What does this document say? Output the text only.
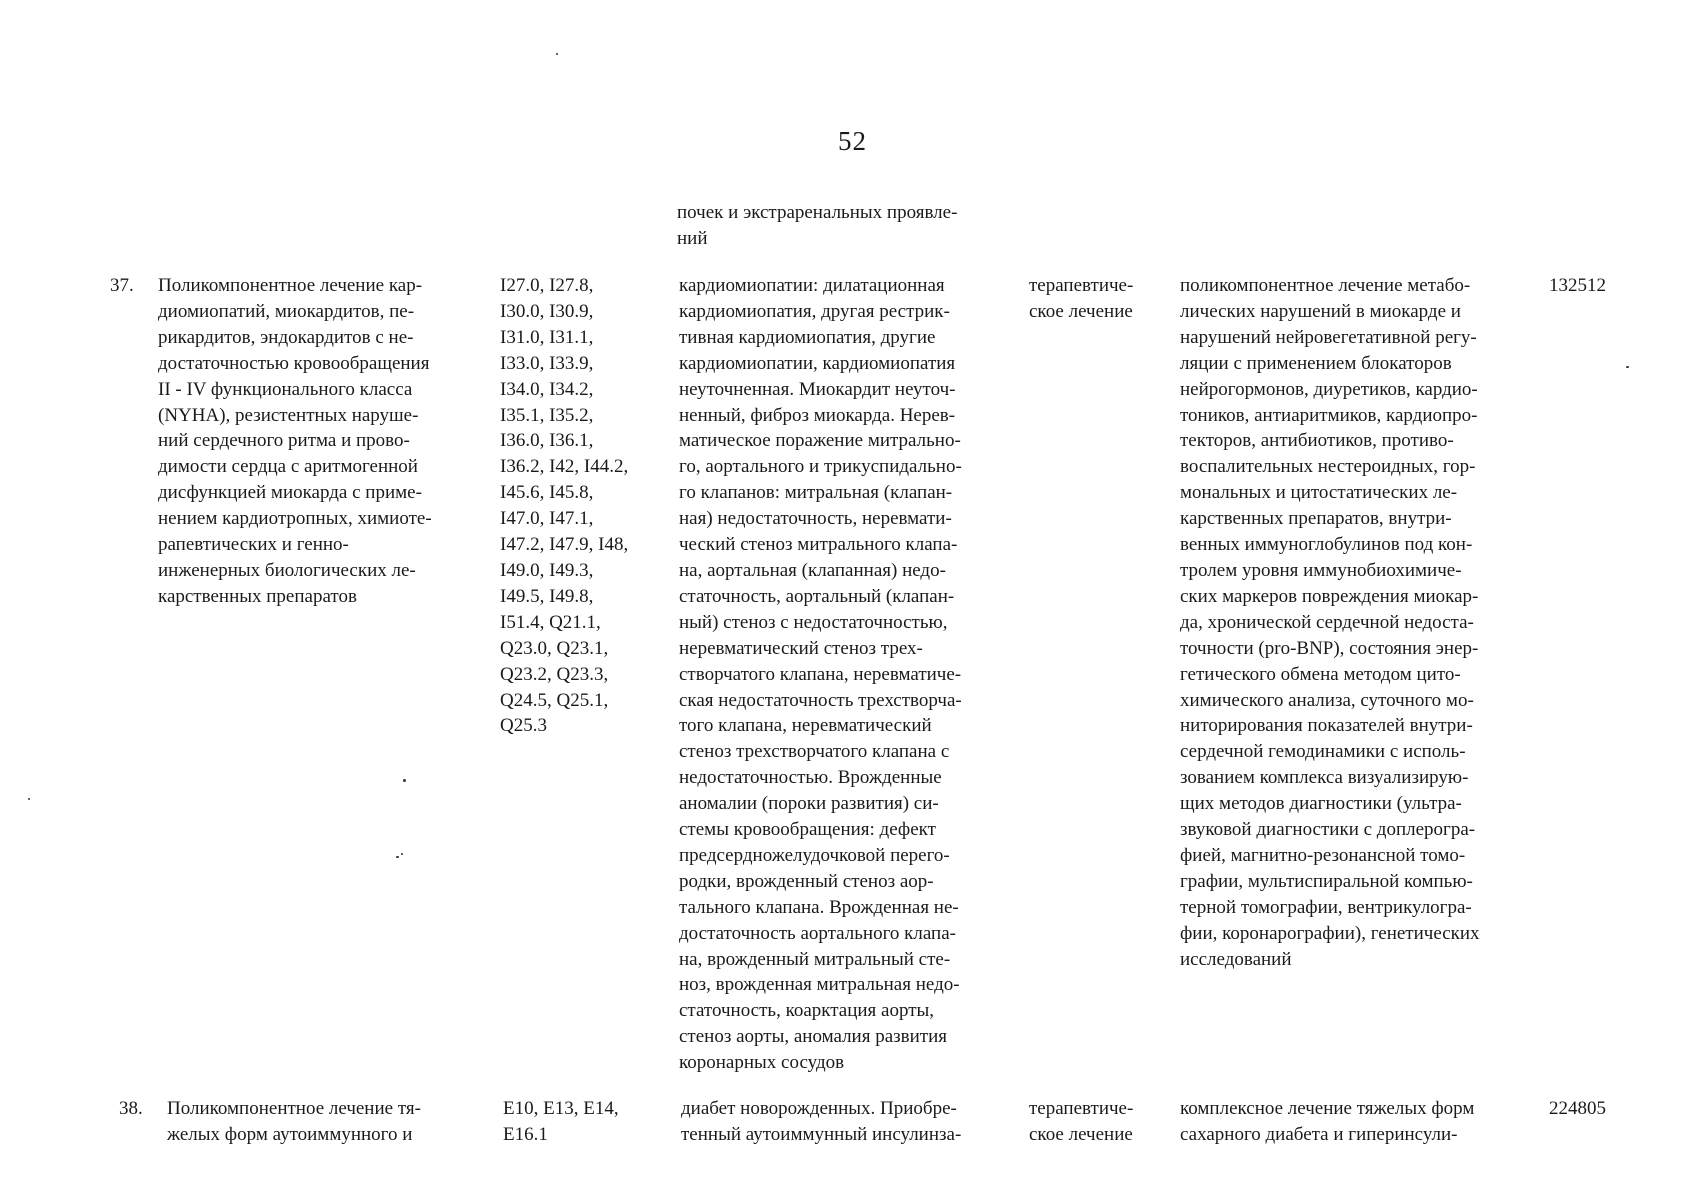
52
почек и экстраренальных проявле-
ний
37. Поликомпонентное лечение кар-
диомиопатий, миокардитов, пе-
рикардитов, эндокардитов с не-
достаточностью кровообращения
II - IV функционального класса
(NYHA), резистентных наруше-
ний сердечного ритма и прово-
димости сердца с аритмогенной
дисфункцией миокарда с приме-
нением кардиотропных, химиоте-
рапевтических и генно-
инженерных биологических ле-
карственных препаратов
I27.0, I27.8,
I30.0, I30.9,
I31.0, I31.1,
I33.0, I33.9,
I34.0, I34.2,
I35.1, I35.2,
I36.0, I36.1,
I36.2, I42, I44.2,
I45.6, I45.8,
I47.0, I47.1,
I47.2, I47.9, I48,
I49.0, I49.3,
I49.5, I49.8,
I51.4, Q21.1,
Q23.0, Q23.1,
Q23.2, Q23.3,
Q24.5, Q25.1,
Q25.3
кардиомиопатии: дилатационная
кардиомиопатия, другая рестрик-
тивная кардиомиопатия, другие
кардиомиопатии, кардиомиопатия
неуточненная. Миокардит неуточ-
ненный, фиброз миокарда. Нерев-
матическое поражение митрально-
го, аортального и трикуспидально-
го клапанов: митральная (клапан-
ная) недостаточность, неревмати-
ческий стеноз митрального клапа-
на, аортальная (клапанная) недо-
статочность, аортальный (клапан-
ный) стеноз с недостаточностью,
неревматический стеноз трех-
створчатого клапана, неревматиче-
ская недостаточность трехстворча-
того клапана, неревматический
стеноз трехстворчатого клапана с
недостаточностью. Врожденные
аномалии (пороки развития) си-
стемы кровообращения: дефект
предсердножелудочковой перего-
родки, врожденный стеноз аор-
тального клапана. Врожденная не-
достаточность аортального клапа-
на, врожденный митральный сте-
ноз, врожденная митральная недо-
статочность, коарктация аорты,
стеноз аорты, аномалия развития
коронарных сосудов
терапевтиче-
ское лечение
поликомпонентное лечение метабо-
лических нарушений в миокарде и
нарушений нейровегетативной регу-
ляции с применением блокаторов
нейрогормонов, диуретиков, кардио-
тоников, антиаритмиков, кардиопро-
текторов, антибиотиков, противо-
воспалительных нестероидных, гор-
мональных и цитостатических ле-
карственных препаратов, внутри-
венных иммуноглобулинов под кон-
тролем уровня иммунобиохимиче-
ских маркеров повреждения миокар-
да, хронической сердечной недоста-
точности (pro-BNP), состояния энер-
гетического обмена методом цито-
химического анализа, суточного мо-
ниторирования показателей внутри-
сердечной гемодинамики с исполь-
зованием комплекса визуализирую-
щих методов диагностики (ультра-
звуковой диагностики с доплерогра-
фией, магнитно-резонансной томо-
графии, мультиспиральной компью-
терной томографии, вентрикулогра-
фии, коронарографии), генетических
исследований
132512
38. Поликомпонентное лечение тя-
желых форм аутоиммунного и
E10, E13, E14,
E16.1
диабет новорожденных. Приобре-
тенный аутоиммунный инсулинза-
терапевтиче-
ское лечение
комплексное лечение тяжелых форм
сахарного диабета и гиперинсули-
224805
